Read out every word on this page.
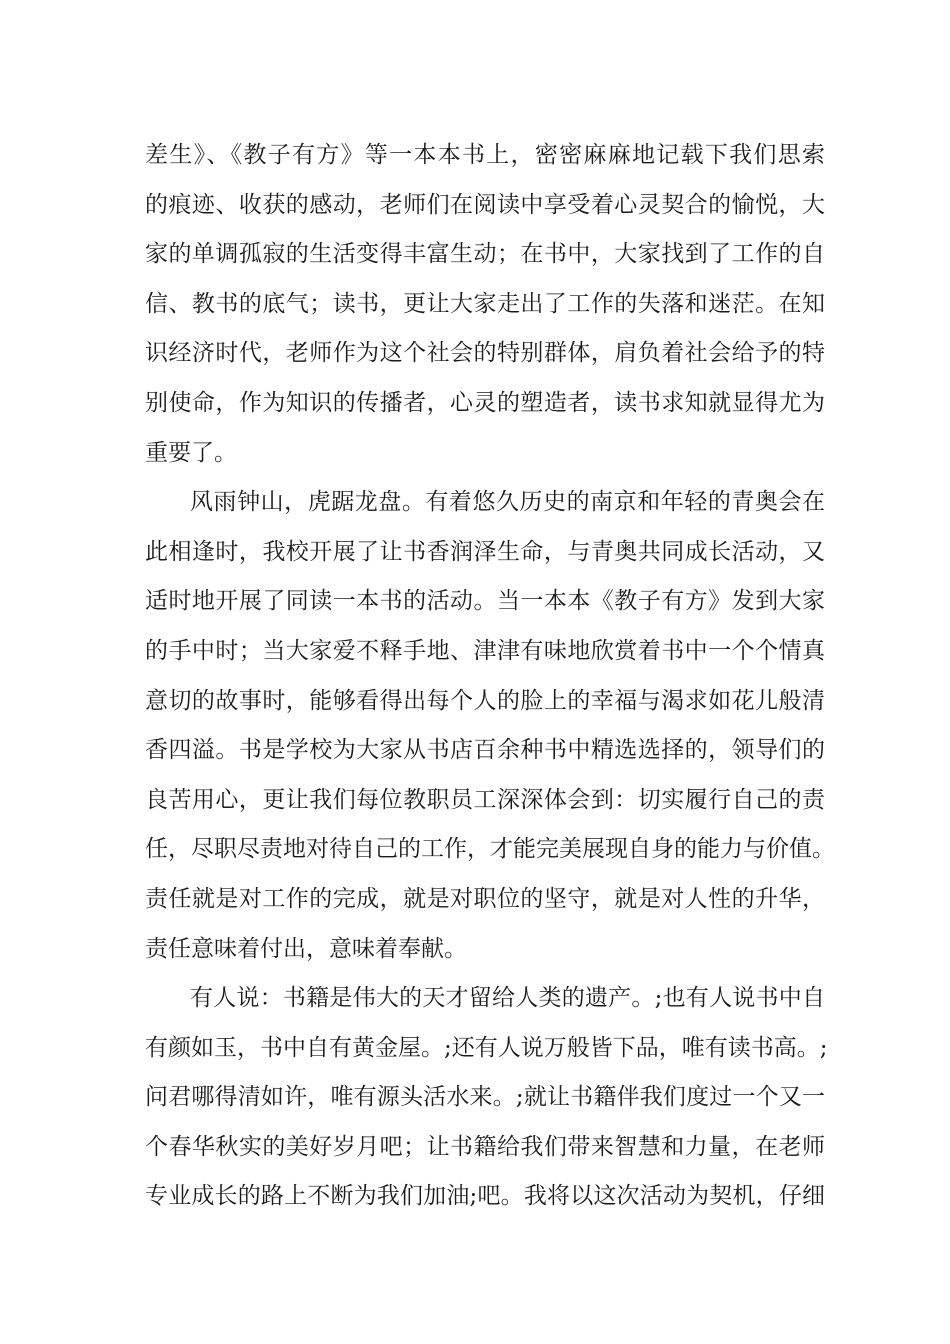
差生》、《教子有方》等一本本书上，密密麻麻地记载下我们思索
的痕迹、收获的感动，老师们在阅读中享受着心灵契合的愉悦，大
家的单调孤寂的生活变得丰富生动；在书中，大家找到了工作的自
信、教书的底气；读书，更让大家走出了工作的失落和迷茫。在知
识经济时代，老师作为这个社会的特别群体，肩负着社会给予的特
别使命，作为知识的传播者，心灵的塑造者，读书求知就显得尤为
重要了。
风雨钟山，虎踞龙盘。有着悠久历史的南京和年轻的青奥会在
此相逢时，我校开展了让书香润泽生命，与青奥共同成长活动，又
适时地开展了同读一本书的活动。当一本本《教子有方》发到大家
的手中时；当大家爱不释手地、津津有味地欣赏着书中一个个情真
意切的故事时，能够看得出每个人的脸上的幸福与渴求如花儿般清
香四溢。书是学校为大家从书店百余种书中精选选择的，领导们的
良苦用心，更让我们每位教职员工深深体会到：切实履行自己的责
任，尽职尽责地对待自己的工作，才能完美展现自身的能力与价值。
责任就是对工作的完成，就是对职位的坚守，就是对人性的升华，
责任意味着付出，意味着奉献。
有人说：书籍是伟大的天才留给人类的遗产。;也有人说书中自
有颜如玉，书中自有黄金屋。;还有人说万般皆下品，唯有读书高。;
问君哪得清如许，唯有源头活水来。;就让书籍伴我们度过一个又一
个春华秋实的美好岁月吧；让书籍给我们带来智慧和力量，在老师
专业成长的路上不断为我们加油;吧。我将以这次活动为契机，仔细
